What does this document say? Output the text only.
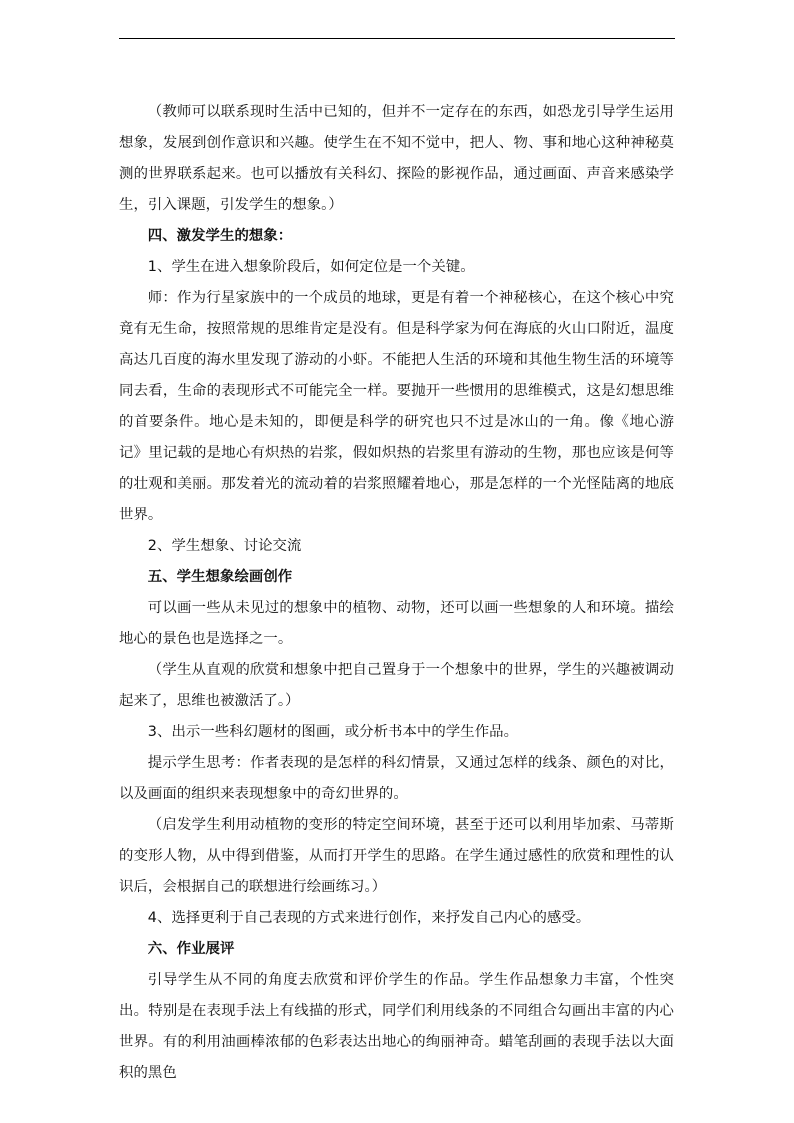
（教师可以联系现时生活中已知的，但并不一定存在的东西，如恐龙引导学生运用想象，发展到创作意识和兴趣。使学生在不知不觉中，把人、物、事和地心这种神秘莫测的世界联系起来。也可以播放有关科幻、探险的影视作品，通过画面、声音来感染学生，引入课题，引发学生的想象。）

四、激发学生的想象：

1、学生在进入想象阶段后，如何定位是一个关键。

师：作为行星家族中的一个成员的地球，更是有着一个神秘核心，在这个核心中究竟有无生命，按照常规的思维肯定是没有。但是科学家为何在海底的火山口附近，温度高达几百度的海水里发现了游动的小虾。不能把人生活的环境和其他生物生活的环境等同去看，生命的表现形式不可能完全一样。要抛开一些惯用的思维模式，这是幻想思维的首要条件。地心是未知的，即便是科学的研究也只不过是冰山的一角。像《地心游记》里记载的是地心有炽热的岩浆，假如炽热的岩浆里有游动的生物，那也应该是何等的壮观和美丽。那发着光的流动着的岩浆照耀着地心，那是怎样的一个光怪陆离的地底世界。

2、学生想象、讨论交流

五、学生想象绘画创作

可以画一些从未见过的想象中的植物、动物，还可以画一些想象的人和环境。描绘地心的景色也是选择之一。

（学生从直观的欣赏和想象中把自己置身于一个想象中的世界，学生的兴趣被调动起来了，思维也被激活了。）

3、出示一些科幻题材的图画，或分析书本中的学生作品。

提示学生思考：作者表现的是怎样的科幻情景，又通过怎样的线条、颜色的对比，以及画面的组织来表现想象中的奇幻世界的。

（启发学生利用动植物的变形的特定空间环境，甚至于还可以利用毕加索、马蒂斯的变形人物，从中得到借鉴，从而打开学生的思路。在学生通过感性的欣赏和理性的认识后，会根据自己的联想进行绘画练习。）

4、选择更利于自己表现的方式来进行创作，来抒发自己内心的感受。

六、作业展评

引导学生从不同的角度去欣赏和评价学生的作品。学生作品想象力丰富，个性突出。特别是在表现手法上有线描的形式，同学们利用线条的不同组合勾画出丰富的内心世界。有的利用油画棒浓郁的色彩表达出地心的绚丽神奇。蜡笔刮画的表现手法以大面积的黑色
